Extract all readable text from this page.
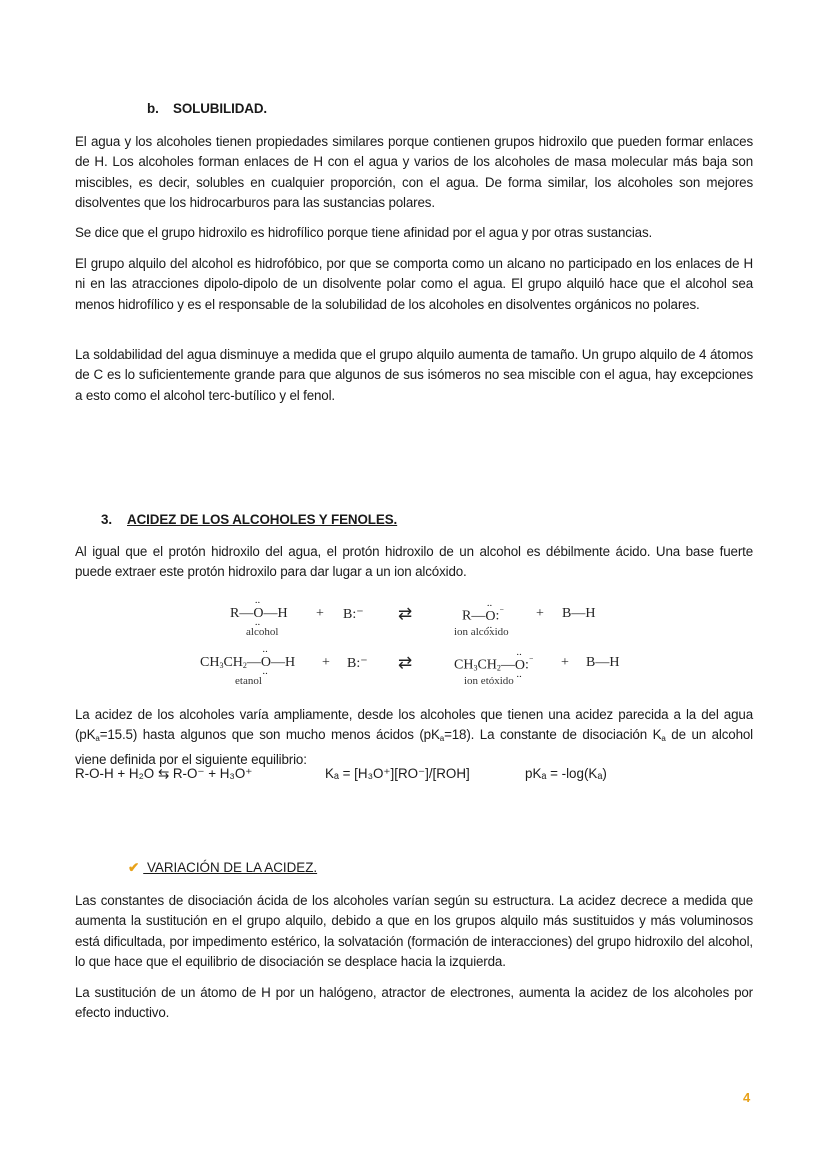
b. SOLUBILIDAD.
El agua y los alcoholes tienen propiedades similares porque contienen grupos hidroxilo que pueden formar enlaces de H. Los alcoholes forman enlaces de H con el agua y varios de los alcoholes de masa molecular más baja son miscibles, es decir, solubles en cualquier proporción, con el agua. De forma similar, los alcoholes son mejores disolventes que los hidrocarburos para las sustancias polares.
Se dice que el grupo hidroxilo es hidrofílico porque tiene afinidad por el agua y por otras sustancias.
El grupo alquilo del alcohol es hidrofóbico, por que se comporta como un alcano no participado en los enlaces de H ni en las atracciones dipolo-dipolo de un disolvente polar como el agua. El grupo alquiló hace que el alcohol sea menos hidrofílico y es el responsable de la solubilidad de los alcoholes en disolventes orgánicos no polares.
La soldabilidad del agua disminuye a medida que el grupo alquilo aumenta de tamaño. Un grupo alquilo de 4 átomos de C es lo suficientemente grande para que algunos de sus isómeros no sea miscible con el agua, hay excepciones a esto como el alcohol terc-butílico y el fenol.
3. ACIDEZ DE LOS ALCOHOLES Y FENOLES.
Al igual que el protón hidroxilo del agua, el protón hidroxilo de un alcohol es débilmente ácido. Una base fuerte puede extraer este protón hidroxilo para dar lugar a un ion alcóxido.
R—·· O ··—H
alcohol
+ B:⁻ ⇄	R—·· O ··:⁻
ion alcóxido
+ B—H
$CH_3CH_2—\cdot\cdot O$ ··—H
etanol
+ B:⁻ ⇄	$CH_3CH_2—\cdot\cdot O$ ··:⁻
ion etóxido
+ B—H
La acidez de los alcoholes varía ampliamente, desde los alcoholes que tienen una acidez parecida a la del agua $(pK_a=15.5)$ hasta algunos que son mucho menos ácidos $(pK_a=18)$. La constante de disociación $K_a$ de un alcohol viene definida por el siguiente equilibrio:
R-O-H + H₂O ⇆ R-O⁻ + H₃O⁺	Kₐ = [H₃O⁺][RO⁻]/[ROH]	pKₐ = -log(Kₐ)
✔ VARIACIÓN DE LA ACIDEZ.
Las constantes de disociación ácida de los alcoholes varían según su estructura. La acidez decrece a medida que aumenta la sustitución en el grupo alquilo, debido a que en los grupos alquilo más sustituidos y más voluminosos está dificultada, por impedimento estérico, la solvatación (formación de interacciones) del grupo hidroxilo del alcohol, lo que hace que el equilibrio de disociación se desplace hacia la izquierda.
La sustitución de un átomo de H por un halógeno, atractor de electrones, aumenta la acidez de los alcoholes por efecto inductivo.
4
